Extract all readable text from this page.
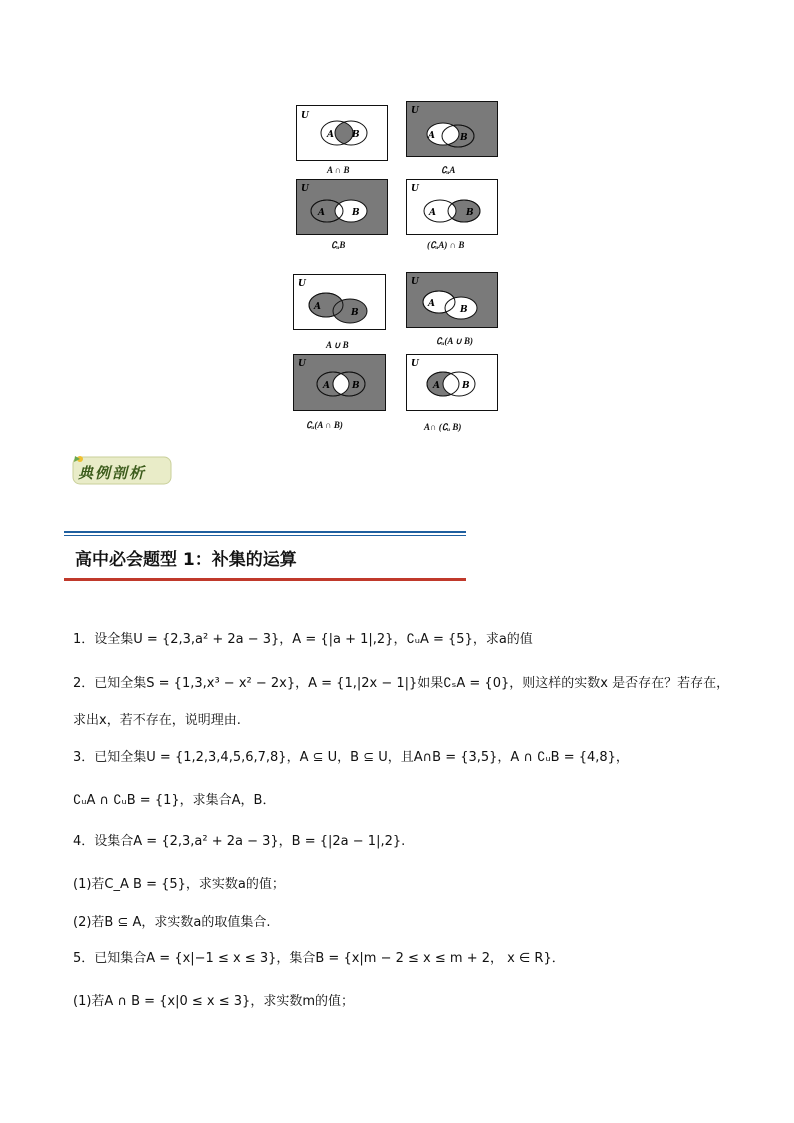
U
A B
A ∩ B
U
A	B
∁ᵤA
U
A	B
∁ᵤB
U
A	B
(∁ᵤA) ∩ B
U
A
B
A ∪ B
U
A
B
∁ᵤ(A ∪ B)
U
A B
∁ᵤ(A ∩ B)
U
A B
A∩ (∁ᵤ B)
典例剖析
高中必会题型 1：补集的运算
1．设全集U = {2,3,a² + 2a − 3}，A = {|a + 1|,2}，∁ᵤA = {5}，求a的值
2．已知全集S = {1,3,x³ − x² − 2x}，A = {1,|2x − 1|}如果∁ₛA = {0}，则这样的实数x 是否存在？若存在，
求出x，若不存在，说明理由.
3．已知全集U = {1,2,3,4,5,6,7,8}，A ⊆ U，B ⊆ U，且A∩B = {3,5}，A ∩ ∁ᵤB = {4,8}，
∁ᵤA ∩ ∁ᵤB = {1}，求集合A，B．
4．设集合A = {2,3,a² + 2a − 3}，B = {|2a − 1|,2}.
(1)若C_A B = {5}，求实数a的值；
(2)若B ⊆ A，求实数a的取值集合.
5．已知集合A = {x|−1 ≤ x ≤ 3}，集合B = {x|m − 2 ≤ x ≤ m + 2， x ∈ R}．
(1)若A ∩ B = {x|0 ≤ x ≤ 3}，求实数m的值；
